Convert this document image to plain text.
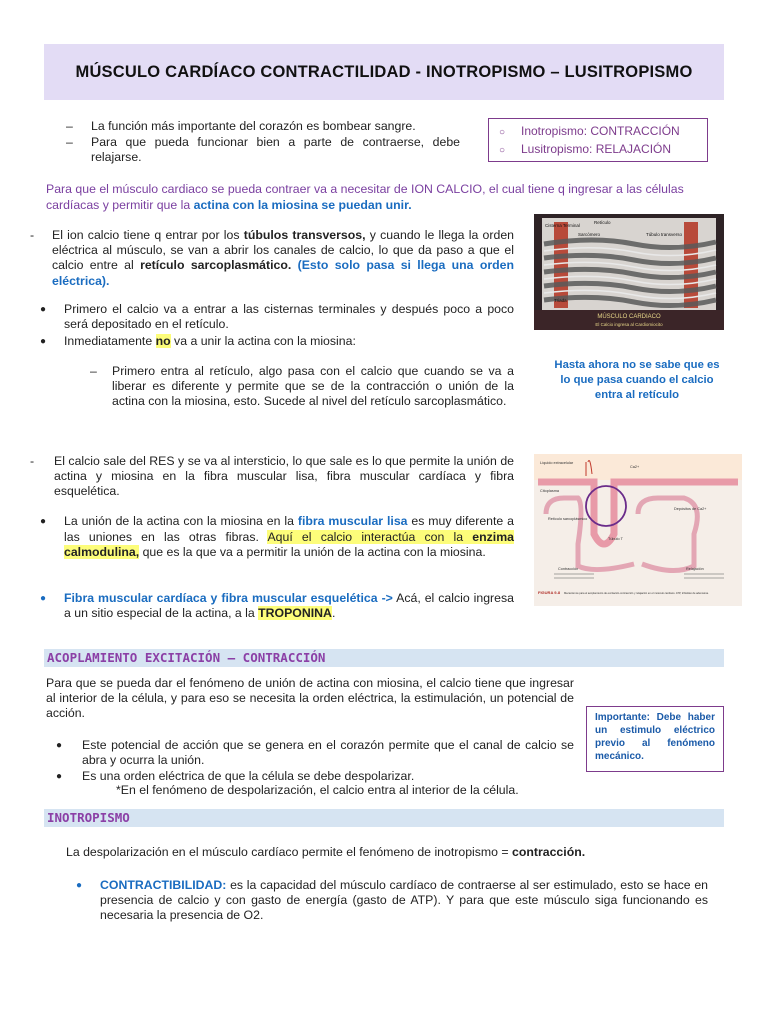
MÚSCULO CARDÍACO CONTRACTILIDAD - INOTROPISMO – LUSITROPISMO
– La función más importante del corazón es bombear sangre.
– Para que pueda funcionar bien a parte de contraerse, debe relajarse.
○ Inotropismo: CONTRACCIÓN
○ Lusitropismo: RELAJACIÓN
Para que el músculo cardiaco se pueda contraer va a necesitar de ION CALCIO, el cual tiene q ingresar a las células cardíacas y permitir que la actina con la miosina se puedan unir.
- El ion calcio tiene q entrar por los túbulos transversos, y cuando le llega la orden eléctrica al músculo, se van a abrir los canales de calcio, lo que da paso a que el calcio entre al retículo sarcoplasmático. (Esto solo pasa si llega una orden eléctrica).
● Primero el calcio va a entrar a las cisternas terminales y después poco a poco será depositado en el retículo.
● Inmediatamente no va a unir la actina con la miosina:
– Primero entra al retículo, algo pasa con el calcio que cuando se va a liberar es diferente y permite que se de la contracción o unión de la actina con la miosina, esto. Sucede al nivel del retículo sarcoplasmático.
Cisterna Terminal
Sarcómero
Retículo
Túbulo transverso
Triada
MÚSCULO CARDIACO
El Calcio ingresa al Cardiomiocito
Hasta ahora no se sabe que es lo que pasa cuando el calcio entra al retículo
- El calcio sale del RES y se va al intersticio, lo que sale es lo que permite la unión de actina y miosina en la fibra muscular lisa, fibra muscular cardíaca y fibra esquelética.
● La unión de la actina con la miosina en la fibra muscular lisa es muy diferente a las uniones en las otras fibras. Aquí el calcio interactúa con la enzima calmodulina, que es la que va a permitir la unión de la actina con la miosina.
● Fibra muscular cardíaca y fibra muscular esquelética -> Acá, el calcio ingresa a un sitio especial de la actina, a la TROPONINA.
Líquido extracelular
Citoplasma
Retículo sarcoplásmico
Contracción	Relajación
Depósitos de Ca2+
Túbulo T
Ca2+
FIGURA 9-8 Mecanismos para el acoplamiento de excitación-contracción y relajación en el músculo cardíaco. ATP, trifosfato de adenosina.
ACOPLAMIENTO EXCITACIÓN – CONTRACCIÓN
Para que se pueda dar el fenómeno de unión de actina con miosina, el calcio tiene que ingresar al interior de la célula, y para eso se necesita la orden eléctrica, la estimulación, un potencial de acción.
● Este potencial de acción que se genera en el corazón permite que el canal de calcio se abra y ocurra la unión.
● Es una orden eléctrica de que la célula se debe despolarizar.
*En el fenómeno de despolarización, el calcio entra al interior de la célula.
Importante: Debe haber un estimulo eléctrico previo al fenómeno mecánico.
INOTROPISMO
La despolarización en el músculo cardíaco permite el fenómeno de inotropismo = contracción.
● CONTRACTIBILIDAD: es la capacidad del músculo cardíaco de contraerse al ser estimulado, esto se hace en presencia de calcio y con gasto de energía (gasto de ATP). Y para que este músculo siga funcionando es necesaria la presencia de O2.
